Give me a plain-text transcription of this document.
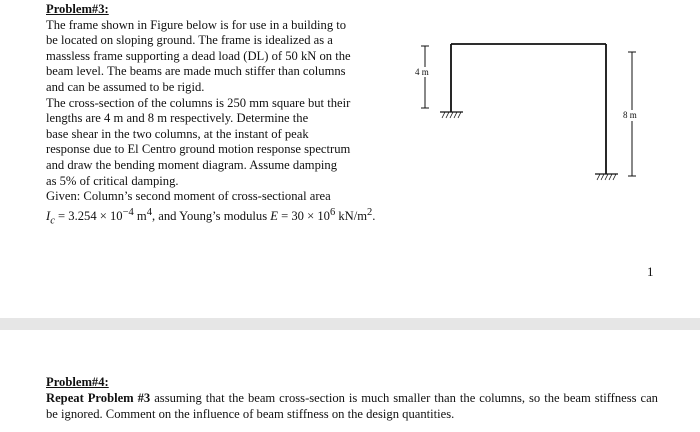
Problem#3:
The frame shown in Figure below is for use in a building to
be located on sloping ground. The frame is idealized as a
massless frame supporting a dead load (DL) of 50 kN on the
beam level. The beams are made much stiffer than columns
and can be assumed to be rigid.
The cross-section of the columns is 250 mm square but their
lengths are 4 m and 8 m respectively. Determine the
base shear in the two columns, at the instant of peak
response due to El Centro ground motion response spectrum
and draw the bending moment diagram. Assume damping
as 5% of critical damping.
Given: Column’s second moment of cross-sectional area
$I_c = 3.254 \times 10^{-4}$ $m^4$, and Young’s modulus $E = 30 \times 10^6$ $kN/m^2$.
4 m
8 m
1
Problem#4:
Repeat Problem #3 assuming that the beam cross-section is much smaller than the columns, so the beam stiffness can be ignored. Comment on the influence of beam stiffness on the design quantities.
